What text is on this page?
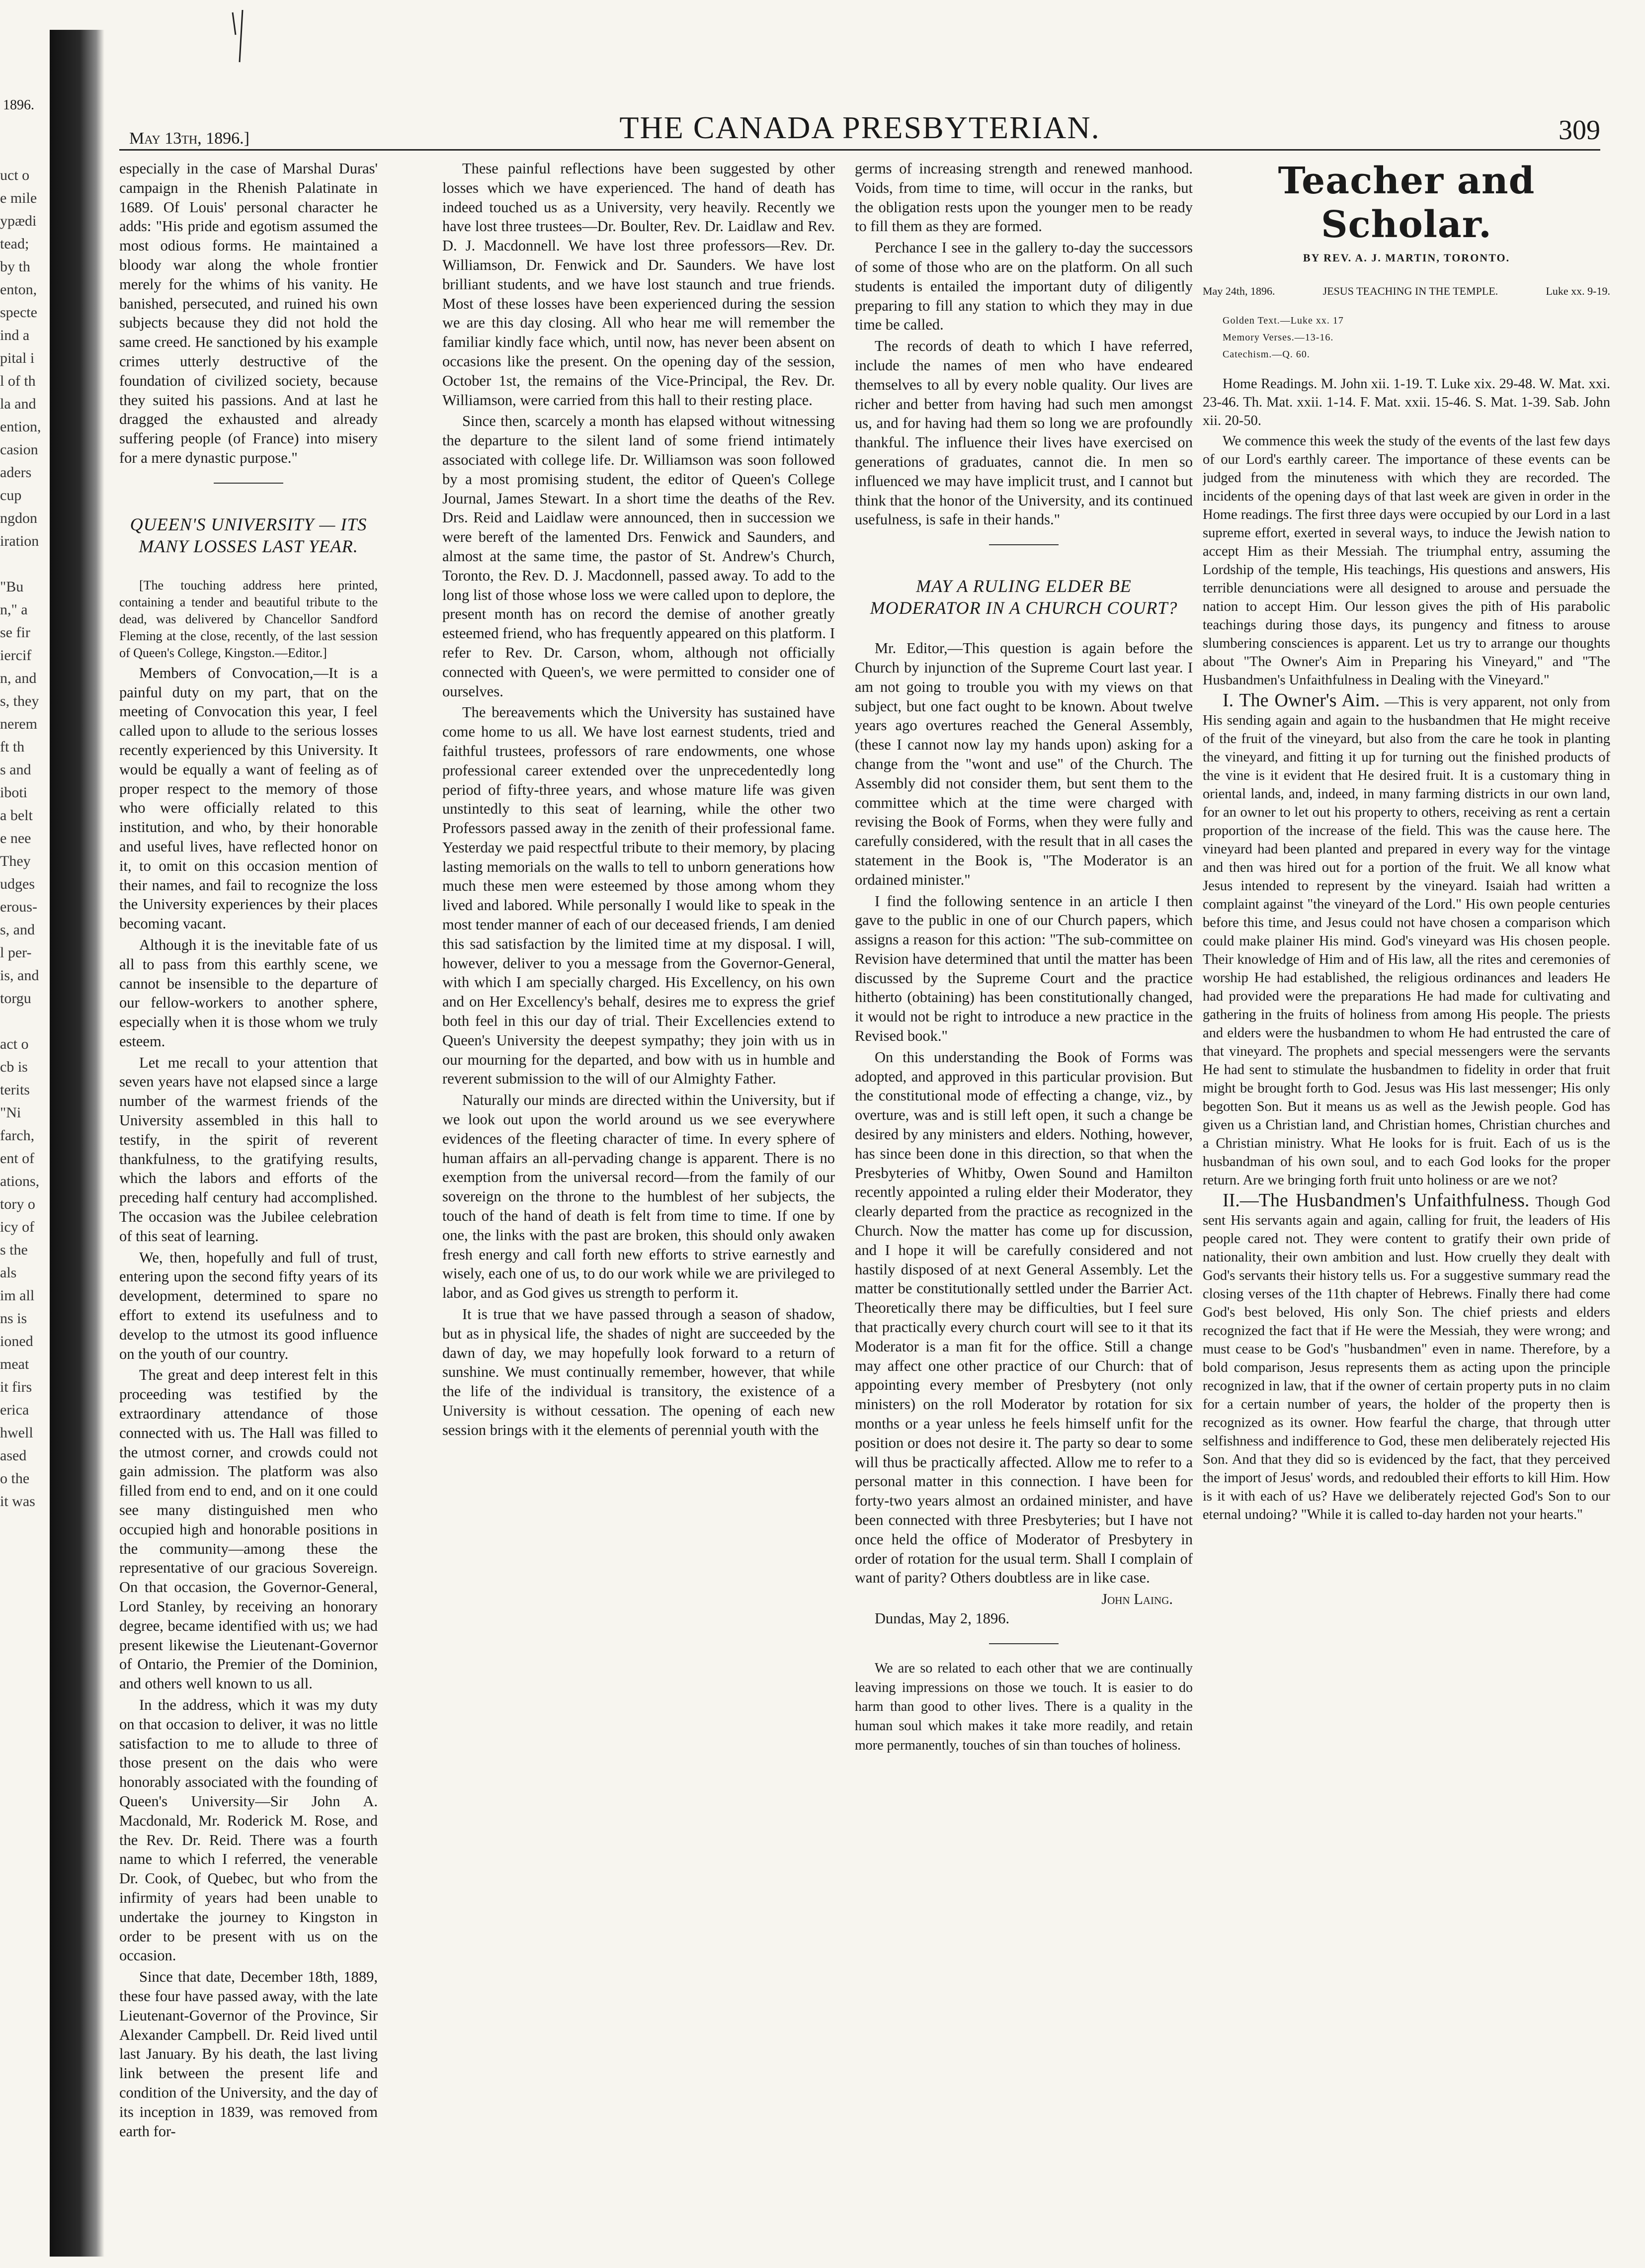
1896.
uct o
e mile
ypædi
tead;
by th
enton,
specte
ind a
pital i
l of th
la and
ention,
casion
aders
cup
ngdon
iration
"Bu
n," a
se fir
iercif
n, and
s, they
nerem
ft th
s and
iboti
a belt
e nee
They
udges
erous-
s, and
l per-
is, and
torgu
act o
cb is
terits
"Ni
farch,
ent of
ations,
tory o
icy of
s the
als
im all
ns is
ioned
meat
it firs
erica
hwell
ased
o the
it was
May 13th, 1896.]	THE CANADA PRESBYTERIAN.	309

especially in the case of Marshal Duras' campaign in the Rhenish Palatinate in 1689. Of Louis' personal character he adds: "His pride and egotism assumed the most odious forms. He maintained a bloody war along the whole frontier merely for the whims of his vanity. He banished, persecuted, and ruined his own subjects because they did not hold the same creed. He sanctioned by his example crimes utterly destructive of the foundation of civilized society, because they suited his passions. And at last he dragged the exhausted and already suffering people (of France) into misery for a mere dynastic purpose."

QUEEN'S UNIVERSITY — ITS MANY LOSSES LAST YEAR.

[The touching address here printed, containing a tender and beautiful tribute to the dead, was delivered by Chancellor Sandford Fleming at the close, recently, of the last session of Queen's College, Kingston.—Editor.]

Members of Convocation,—It is a painful duty on my part, that on the meeting of Convocation this year, I feel called upon to allude to the serious losses recently experienced by this University. It would be equally a want of feeling as of proper respect to the memory of those who were officially related to this institution, and who, by their honorable and useful lives, have reflected honor on it, to omit on this occasion mention of their names, and fail to recognize the loss the University experiences by their places becoming vacant.

Although it is the inevitable fate of us all to pass from this earthly scene, we cannot be insensible to the departure of our fellow-workers to another sphere, especially when it is those whom we truly esteem.

Let me recall to your attention that seven years have not elapsed since a large number of the warmest friends of the University assembled in this hall to testify, in the spirit of reverent thankfulness, to the gratifying results, which the labors and efforts of the preceding half century had accomplished. The occasion was the Jubilee celebration of this seat of learning.

We, then, hopefully and full of trust, entering upon the second fifty years of its development, determined to spare no effort to extend its usefulness and to develop to the utmost its good influence on the youth of our country.

The great and deep interest felt in this proceeding was testified by the extraordinary attendance of those connected with us. The Hall was filled to the utmost corner, and crowds could not gain admission. The platform was also filled from end to end, and on it one could see many distinguished men who occupied high and honorable positions in the community—among these the representative of our gracious Sovereign. On that occasion, the Governor-General, Lord Stanley, by receiving an honorary degree, became identified with us; we had present likewise the Lieutenant-Governor of Ontario, the Premier of the Dominion, and others well known to us all.

In the address, which it was my duty on that occasion to deliver, it was no little satisfaction to me to allude to three of those present on the dais who were honorably associated with the founding of Queen's University—Sir John A. Macdonald, Mr. Roderick M. Rose, and the Rev. Dr. Reid. There was a fourth name to which I referred, the venerable Dr. Cook, of Quebec, but who from the infirmity of years had been unable to undertake the journey to Kingston in order to be present with us on the occasion.

Since that date, December 18th, 1889, these four have passed away, with the late Lieutenant-Governor of the Province, Sir Alexander Campbell. Dr. Reid lived until last January. By his death, the last living link between the present life and condition of the University, and the day of its inception in 1839, was removed from earth for-

These painful reflections have been suggested by other losses which we have experienced. The hand of death has indeed touched us as a University, very heavily. Recently we have lost three trustees—Dr. Boulter, Rev. Dr. Laidlaw and Rev. D. J. Macdonnell. We have lost three professors—Rev. Dr. Williamson, Dr. Fenwick and Dr. Saunders. We have lost brilliant students, and we have lost staunch and true friends. Most of these losses have been experienced during the session we are this day closing. All who hear me will remember the familiar kindly face which, until now, has never been absent on occasions like the present. On the opening day of the session, October 1st, the remains of the Vice-Principal, the Rev. Dr. Williamson, were carried from this hall to their resting place.

Since then, scarcely a month has elapsed without witnessing the departure to the silent land of some friend intimately associated with college life. Dr. Williamson was soon followed by a most promising student, the editor of Queen's College Journal, James Stewart. In a short time the deaths of the Rev. Drs. Reid and Laidlaw were announced, then in succession we were bereft of the lamented Drs. Fenwick and Saunders, and almost at the same time, the pastor of St. Andrew's Church, Toronto, the Rev. D. J. Macdonnell, passed away. To add to the long list of those whose loss we were called upon to deplore, the present month has on record the demise of another greatly esteemed friend, who has frequently appeared on this platform. I refer to Rev. Dr. Carson, whom, although not officially connected with Queen's, we were permitted to consider one of ourselves.

The bereavements which the University has sustained have come home to us all. We have lost earnest students, tried and faithful trustees, professors of rare endowments, one whose professional career extended over the unprecedentedly long period of fifty-three years, and whose mature life was given unstintedly to this seat of learning, while the other two Professors passed away in the zenith of their professional fame. Yesterday we paid respectful tribute to their memory, by placing lasting memorials on the walls to tell to unborn generations how much these men were esteemed by those among whom they lived and labored. While personally I would like to speak in the most tender manner of each of our deceased friends, I am denied this sad satisfaction by the limited time at my disposal. I will, however, deliver to you a message from the Governor-General, with which I am specially charged. His Excellency, on his own and on Her Excellency's behalf, desires me to express the grief both feel in this our day of trial. Their Excellencies extend to Queen's University the deepest sympathy; they join with us in our mourning for the departed, and bow with us in humble and reverent submission to the will of our Almighty Father.

Naturally our minds are directed within the University, but if we look out upon the world around us we see everywhere evidences of the fleeting character of time. In every sphere of human affairs an all-pervading change is apparent. There is no exemption from the universal record—from the family of our sovereign on the throne to the humblest of her subjects, the touch of the hand of death is felt from time to time. If one by one, the links with the past are broken, this should only awaken fresh energy and call forth new efforts to strive earnestly and wisely, each one of us, to do our work while we are privileged to labor, and as God gives us strength to perform it.

It is true that we have passed through a season of shadow, but as in physical life, the shades of night are succeeded by the dawn of day, we may hopefully look forward to a return of sunshine. We must continually remember, however, that while the life of the individual is transitory, the existence of a University is without cessation. The opening of each new session brings with it the elements of perennial youth with the

germs of increasing strength and renewed manhood. Voids, from time to time, will occur in the ranks, but the obligation rests upon the younger men to be ready to fill them as they are formed.

Perchance I see in the gallery to-day the successors of some of those who are on the platform. On all such students is entailed the important duty of diligently preparing to fill any station to which they may in due time be called.

The records of death to which I have referred, include the names of men who have endeared themselves to all by every noble quality. Our lives are richer and better from having had such men amongst us, and for having had them so long we are profoundly thankful. The influence their lives have exercised on generations of graduates, cannot die. In men so influenced we may have implicit trust, and I cannot but think that the honor of the University, and its continued usefulness, is safe in their hands."

MAY A RULING ELDER BE MODERATOR IN A CHURCH COURT?

Mr. Editor,—This question is again before the Church by injunction of the Supreme Court last year. I am not going to trouble you with my views on that subject, but one fact ought to be known. About twelve years ago overtures reached the General Assembly, (these I cannot now lay my hands upon) asking for a change from the "wont and use" of the Church. The Assembly did not consider them, but sent them to the committee which at the time were charged with revising the Book of Forms, when they were fully and carefully considered, with the result that in all cases the statement in the Book is, "The Moderator is an ordained minister."

I find the following sentence in an article I then gave to the public in one of our Church papers, which assigns a reason for this action: "The sub-committee on Revision have determined that until the matter has been discussed by the Supreme Court and the practice hitherto (obtaining) has been constitutionally changed, it would not be right to introduce a new practice in the Revised book."

On this understanding the Book of Forms was adopted, and approved in this particular provision. But the constitutional mode of effecting a change, viz., by overture, was and is still left open, it such a change be desired by any ministers and elders. Nothing, however, has since been done in this direction, so that when the Presbyteries of Whitby, Owen Sound and Hamilton recently appointed a ruling elder their Moderator, they clearly departed from the practice as recognized in the Church. Now the matter has come up for discussion, and I hope it will be carefully considered and not hastily disposed of at next General Assembly. Let the matter be constitutionally settled under the Barrier Act. Theoretically there may be difficulties, but I feel sure that practically every church court will see to it that its Moderator is a man fit for the office. Still a change may affect one other practice of our Church: that of appointing every member of Presbytery (not only ministers) on the roll Moderator by rotation for six months or a year unless he feels himself unfit for the position or does not desire it. The party so dear to some will thus be practically affected. Allow me to refer to a personal matter in this connection. I have been for forty-two years almost an ordained minister, and have been connected with three Presbyteries; but I have not once held the office of Moderator of Presbytery in order of rotation for the usual term. Shall I complain of want of parity? Others doubtless are in like case.

John Laing.
Dundas, May 2, 1896.

We are so related to each other that we are continually leaving impressions on those we touch. It is easier to do harm than good to other lives. There is a quality in the human soul which makes it take more readily, and retain more permanently, touches of sin than touches of holiness.

Teacher and Scholar.
BY REV. A. J. MARTIN, TORONTO.
May 24th, 1896.	JESUS TEACHING IN THE TEMPLE.	Luke xx. 9-19.
Golden Text.—Luke xx. 17
Memory Verses.—13-16.
Catechism.—Q. 60.

Home Readings. M. John xii. 1-19. T. Luke xix. 29-48. W. Mat. xxi. 23-46. Th. Mat. xxii. 1-14. F. Mat. xxii. 15-46. S. Mat. 1-39. Sab. John xii. 20-50.

We commence this week the study of the events of the last few days of our Lord's earthly career. The importance of these events can be judged from the minuteness with which they are recorded. The incidents of the opening days of that last week are given in order in the Home readings. The first three days were occupied by our Lord in a last supreme effort, exerted in several ways, to induce the Jewish nation to accept Him as their Messiah. The triumphal entry, assuming the Lordship of the temple, His teachings, His questions and answers, His terrible denunciations were all designed to arouse and persuade the nation to accept Him. Our lesson gives the pith of His parabolic teachings during those days, its pungency and fitness to arouse slumbering consciences is apparent. Let us try to arrange our thoughts about "The Owner's Aim in Preparing his Vineyard," and "The Husbandmen's Unfaithfulness in Dealing with the Vineyard."

I. The Owner's Aim. —This is very apparent, not only from His sending again and again to the husbandmen that He might receive of the fruit of the vineyard, but also from the care he took in planting the vineyard, and fitting it up for turning out the finished products of the vine is it evident that He desired fruit. It is a customary thing in oriental lands, and, indeed, in many farming districts in our own land, for an owner to let out his property to others, receiving as rent a certain proportion of the increase of the field. This was the cause here. The vineyard had been planted and prepared in every way for the vintage and then was hired out for a portion of the fruit. We all know what Jesus intended to represent by the vineyard. Isaiah had written a complaint against "the vineyard of the Lord." His own people centuries before this time, and Jesus could not have chosen a comparison which could make plainer His mind. God's vineyard was His chosen people. Their knowledge of Him and of His law, all the rites and ceremonies of worship He had established, the religious ordinances and leaders He had provided were the preparations He had made for cultivating and gathering in the fruits of holiness from among His people. The priests and elders were the husbandmen to whom He had entrusted the care of that vineyard. The prophets and special messengers were the servants He had sent to stimulate the husbandmen to fidelity in order that fruit might be brought forth to God. Jesus was His last messenger; His only begotten Son. But it means us as well as the Jewish people. God has given us a Christian land, and Christian homes, Christian churches and a Christian ministry. What He looks for is fruit. Each of us is the husbandman of his own soul, and to each God looks for the proper return. Are we bringing forth fruit unto holiness or are we not?

II.—The Husbandmen's Unfaithfulness. Though God sent His servants again and again, calling for fruit, the leaders of His people cared not. They were content to gratify their own pride of nationality, their own ambition and lust. How cruelly they dealt with God's servants their history tells us. For a suggestive summary read the closing verses of the 11th chapter of Hebrews. Finally there had come God's best beloved, His only Son. The chief priests and elders recognized the fact that if He were the Messiah, they were wrong; and must cease to be God's "husbandmen" even in name. Therefore, by a bold comparison, Jesus represents them as acting upon the principle recognized in law, that if the owner of certain property puts in no claim for a certain number of years, the holder of the property then is recognized as its owner. How fearful the charge, that through utter selfishness and indifference to God, these men deliberately rejected His Son. And that they did so is evidenced by the fact, that they perceived the import of Jesus' words, and redoubled their efforts to kill Him. How is it with each of us? Have we deliberately rejected God's Son to our eternal undoing? "While it is called to-day harden not your hearts."
